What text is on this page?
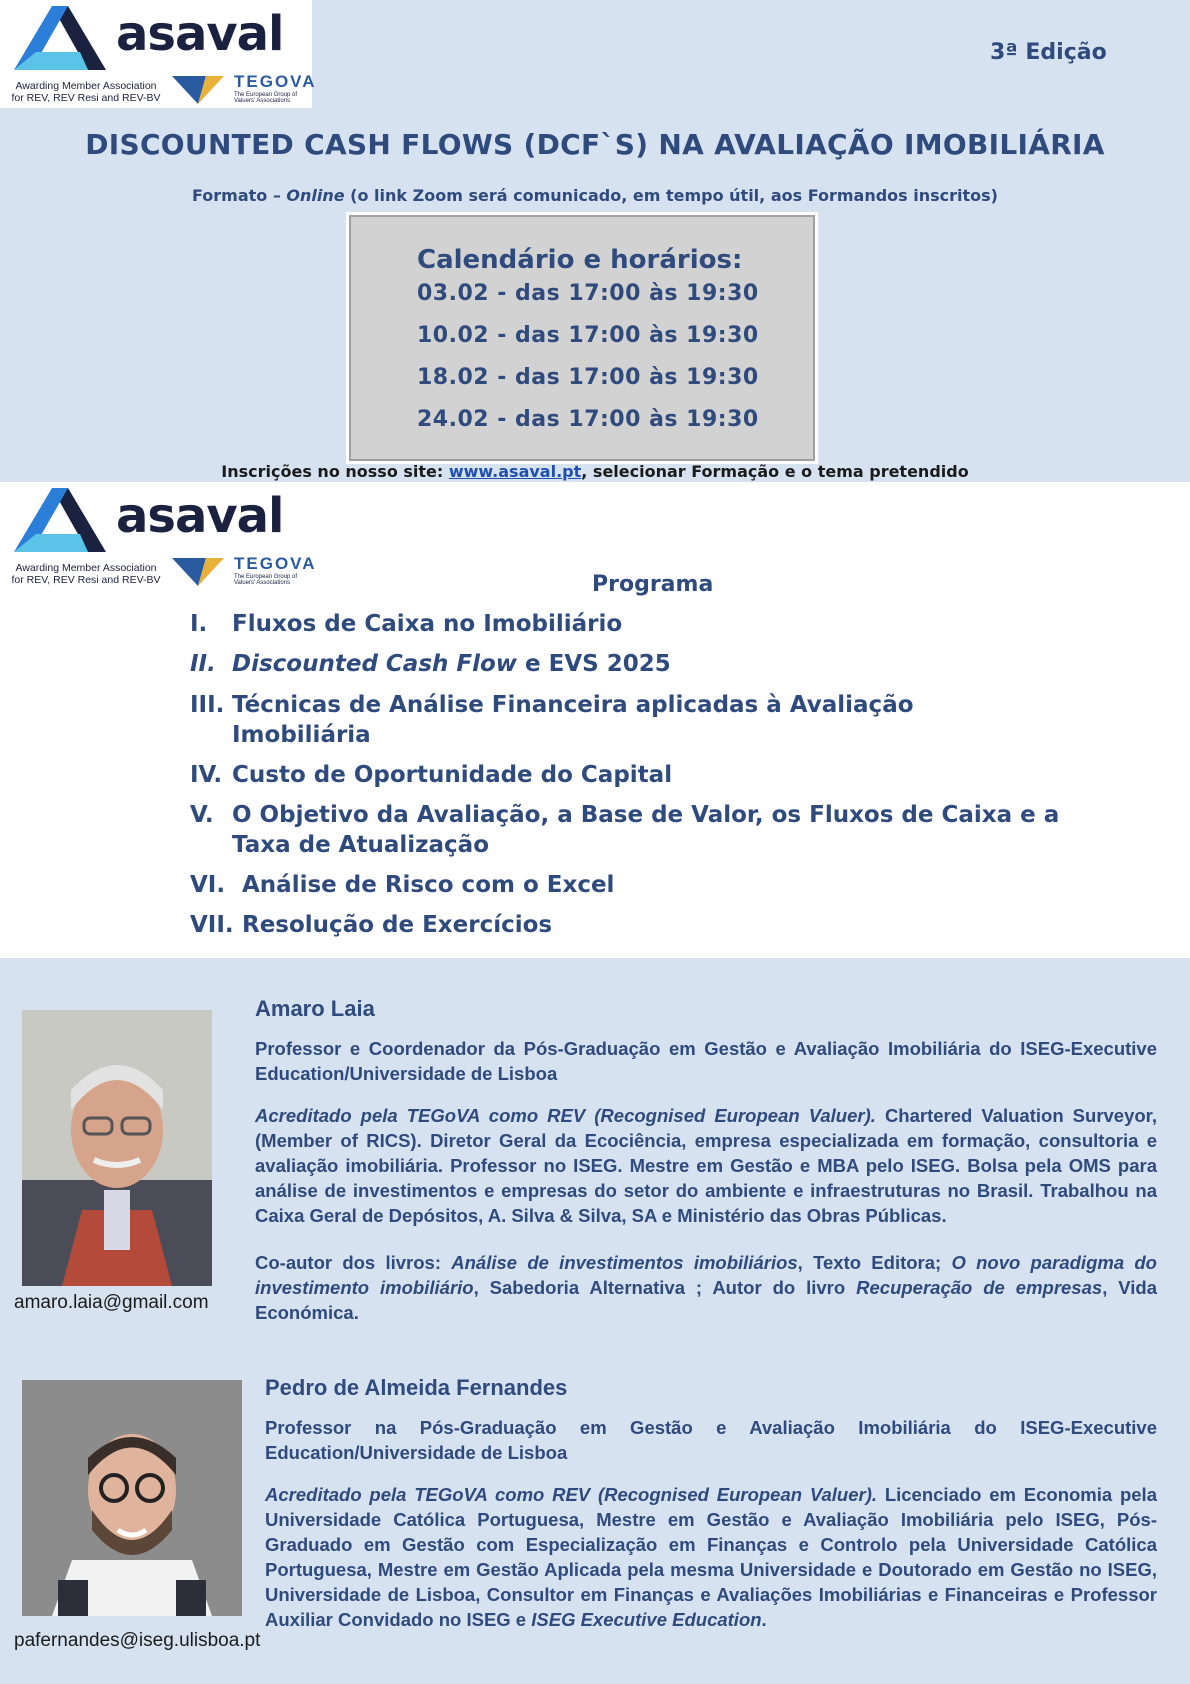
asaval
Awarding Member Association
for REV, REV Resi and REV-BV
TEGOVA
The European Group of Valuers' Associations
3ª Edição
DISCOUNTED CASH FLOWS (DCF`S) NA AVALIAÇÃO IMOBILIÁRIA
Formato – Online (o link Zoom será comunicado, em tempo útil, aos Formandos inscritos)
Calendário e horários:
03.02 - das 17:00 às 19:30
10.02 - das 17:00 às 19:30
18.02 - das 17:00 às 19:30
24.02 - das 17:00 às 19:30
Inscrições no nosso site: www.asaval.pt, selecionar Formação e o tema pretendido
asaval
Awarding Member Association
for REV, REV Resi and REV-BV
TEGOVA
The European Group of Valuers' Associations	Programa
I. Fluxos de Caixa no Imobiliário
II. Discounted Cash Flow e EVS 2025
III. Técnicas de Análise Financeira aplicadas à Avaliação Imobiliária
IV. Custo de Oportunidade do Capital
V. O Objetivo da Avaliação, a Base de Valor, os Fluxos de Caixa e a Taxa de Atualização
VI. Análise de Risco com o Excel
VII. Resolução de Exercícios
amaro.laia@gmail.com
Amaro Laia
Professor e Coordenador da Pós-Graduação em Gestão e Avaliação Imobiliária do ISEG-Executive Education/Universidade de Lisboa
Acreditado pela TEGoVA como REV (Recognised European Valuer). Chartered Valuation Surveyor, (Member of RICS). Diretor Geral da Ecociência, empresa especializada em formação, consultoria e avaliação imobiliária. Professor no ISEG. Mestre em Gestão e MBA pelo ISEG. Bolsa pela OMS para análise de investimentos e empresas do setor do ambiente e infraestruturas no Brasil. Trabalhou na Caixa Geral de Depósitos, A. Silva & Silva, SA e Ministério das Obras Públicas.
Co-autor dos livros: Análise de investimentos imobiliários, Texto Editora; O novo paradigma do investimento imobiliário, Sabedoria Alternativa ; Autor do livro Recuperação de empresas, Vida Económica.
pafernandes@iseg.ulisboa.pt
Pedro de Almeida Fernandes
Professor na Pós-Graduação em Gestão e Avaliação Imobiliária do ISEG-Executive Education/Universidade de Lisboa
Acreditado pela TEGoVA como REV (Recognised European Valuer). Licenciado em Economia pela Universidade Católica Portuguesa, Mestre em Gestão e Avaliação Imobiliária pelo ISEG, Pós-Graduado em Gestão com Especialização em Finanças e Controlo pela Universidade Católica Portuguesa, Mestre em Gestão Aplicada pela mesma Universidade e Doutorado em Gestão no ISEG, Universidade de Lisboa, Consultor em Finanças e Avaliações Imobiliárias e Financeiras e Professor Auxiliar Convidado no ISEG e ISEG Executive Education.
